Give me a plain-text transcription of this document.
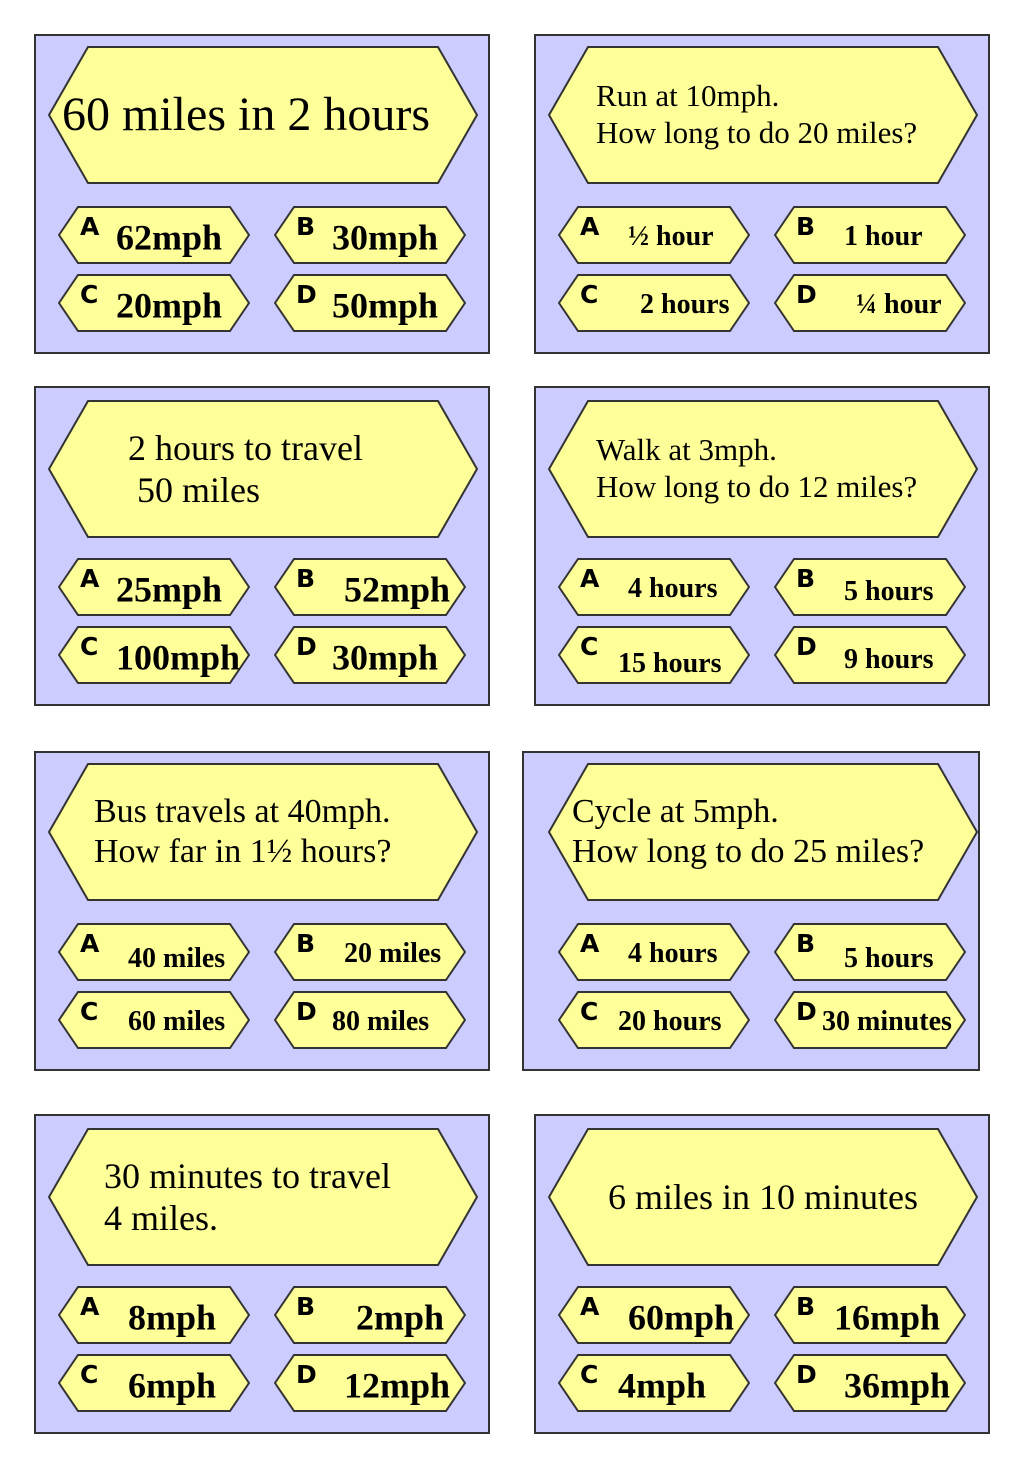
60 miles in 2 hours
A 62mph	B 30mph
C 20mph	D 50mph
Run at 10mph.
How long to do 20 miles?
A ½ hour	B 1 hour
C 2 hours	D ¼ hour
2 hours to travel
50 miles
A 25mph	B 52mph
C 100mph D 30mph
Walk at 3mph.
How long to do 12 miles?
A 4 hours	B 5 hours
C
15 hours
D 9 hours
Bus travels at 40mph.
How far in 1½ hours?
A 40 miles	B 20 miles
C 60 miles	D 80 miles
Cycle at 5mph.
How long to do 25 miles?
A 4 hours	B 5 hours
C 20 hours	D 30 minutes
30 minutes to travel
4 miles.
A 8mph	B 2mph
C 6mph	D 12mph
6 miles in 10 minutes
A 60mph B 16mph
C 4mph	D 36mph
